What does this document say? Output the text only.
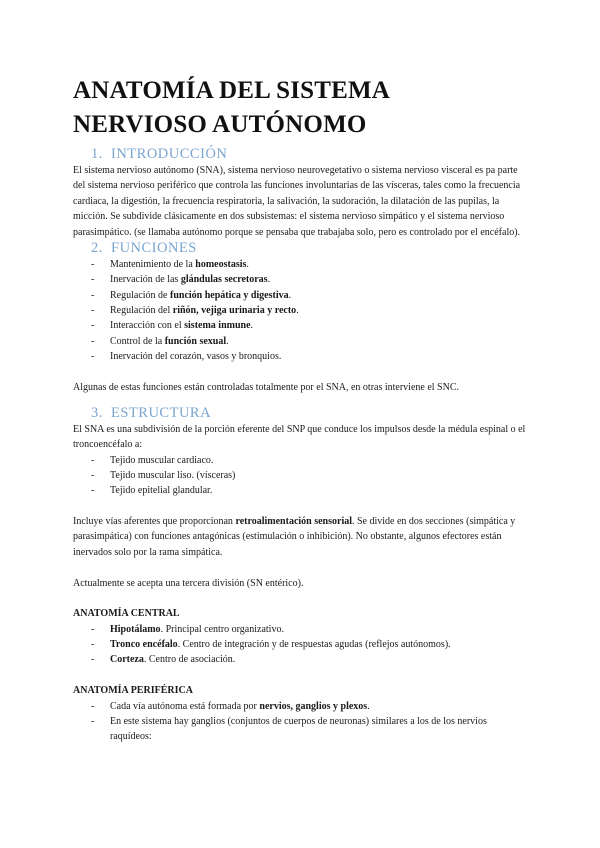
ANATOMÍA DEL SISTEMA
NERVIOSO AUTÓNOMO
1. INTRODUCCIÓN

El sistema nervioso autónomo (SNA), sistema nervioso neurovegetativo o sistema nervioso visceral es pa parte del sistema nervioso periférico que controla las funciones involuntarias de las vísceras, tales como la frecuencia cardiaca, la digestión, la frecuencia respiratoria, la salivación, la sudoración, la dilatación de las pupilas, la micción. Se subdivide clásicamente en dos subsistemas: el sistema nervioso simpático y el sistema nervioso parasimpático. (se llamaba autónomo porque se pensaba que trabajaba solo, pero es controlado por el encéfalo).

2. FUNCIONES
- Mantenimiento de la homeostasis.
- Inervación de las glándulas secretoras.
- Regulación de función hepática y digestiva.
- Regulación del riñón, vejiga urinaria y recto.
- Interacción con el sistema inmune.
- Control de la función sexual.
- Inervación del corazón, vasos y bronquios.

Algunas de estas funciones están controladas totalmente por el SNA, en otras interviene el SNC.

3. ESTRUCTURA

El SNA es una subdivisión de la porción eferente del SNP que conduce los impulsos desde la médula espinal o el troncoencéfalo a:

- Tejido muscular cardiaco.
- Tejido muscular liso. (vísceras)
- Tejido epitelial glandular.

Incluye vías aferentes que proporcionan retroalimentación sensorial. Se divide en dos secciones (simpática y parasimpática) con funciones antagónicas (estimulación o inhibición). No obstante, algunos efectores están inervados solo por la rama simpática.

Actualmente se acepta una tercera división (SN entérico).

ANATOMÍA CENTRAL
- Hipotálamo. Principal centro organizativo.
- Tronco encéfalo. Centro de integración y de respuestas agudas (reflejos autónomos).
- Corteza. Centro de asociación.
ANATOMÍA PERIFÉRICA
- Cada vía autónoma está formada por nervios, ganglios y plexos.
- En este sistema hay ganglios (conjuntos de cuerpos de neuronas) similares a los de los nervios raquídeos:
